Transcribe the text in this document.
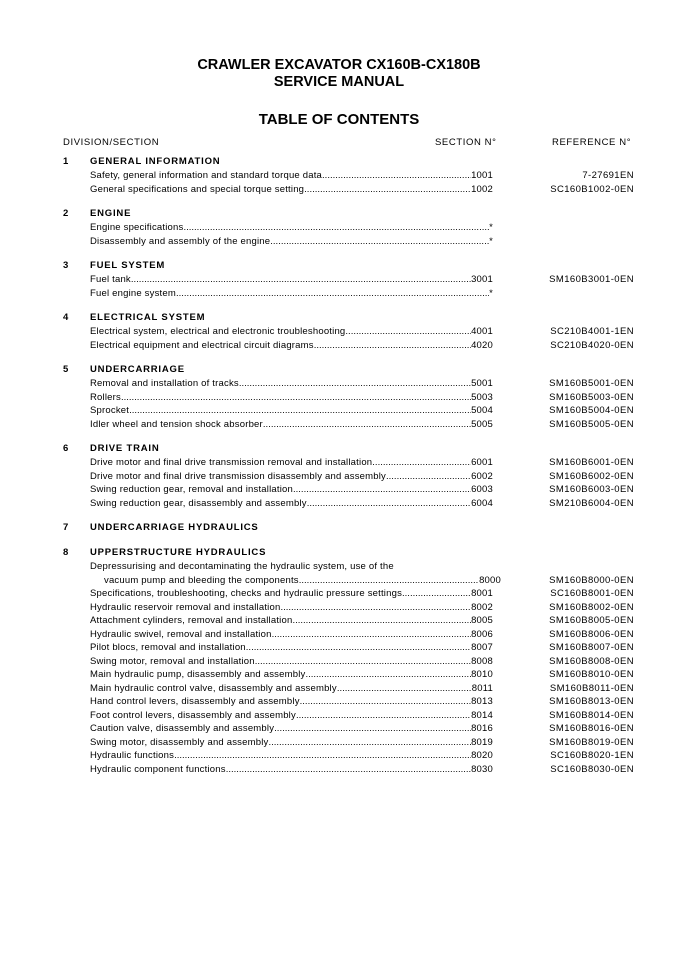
CRAWLER EXCAVATOR CX160B-CX180B
SERVICE MANUAL
TABLE OF CONTENTS
DIVISION/SECTION	SECTION N°	REFERENCE N°
1 GENERAL INFORMATION
Safety, general information and standard torque data .....	1001	7-27691EN
General specifications and special torque setting .....	1002	SC160B1002-0EN
2 ENGINE
Engine specifications .....	*
Disassembly and assembly of the engine .....	*
3 FUEL SYSTEM
Fuel tank .....	3001	SM160B3001-0EN
Fuel engine system .....	*
4 ELECTRICAL SYSTEM
Electrical system, electrical and electronic troubleshooting .....	4001	SC210B4001-1EN
Electrical equipment and electrical circuit diagrams .....	4020	SC210B4020-0EN
5 UNDERCARRIAGE
Removal and installation of tracks .....	5001	SM160B5001-0EN
Rollers .....	5003	SM160B5003-0EN
Sprocket .....	5004	SM160B5004-0EN
Idler wheel and tension shock absorber .....	5005	SM160B5005-0EN
6 DRIVE TRAIN
Drive motor and final drive transmission removal and installation .....	6001	SM160B6001-0EN
Drive motor and final drive transmission disassembly and assembly .....	6002	SM160B6002-0EN
Swing reduction gear, removal and installation .....	6003	SM160B6003-0EN
Swing reduction gear, disassembly and assembly .....	6004	SM210B6004-0EN
7 UNDERCARRIAGE HYDRAULICS
8 UPPERSTRUCTURE HYDRAULICS
Depressurising and decontaminating the hydraulic system, use of the
vacuum pump and bleeding the components .....	8000	SM160B8000-0EN
Specifications, troubleshooting, checks and hydraulic pressure settings .....	8001	SC160B8001-0EN
Hydraulic reservoir removal and installation .....	8002	SM160B8002-0EN
Attachment cylinders, removal and installation .....	8005	SM160B8005-0EN
Hydraulic swivel, removal and installation .....	8006	SM160B8006-0EN
Pilot blocs, removal and installation .....	8007	SM160B8007-0EN
Swing motor, removal and installation .....	8008	SM160B8008-0EN
Main hydraulic pump, disassembly and assembly .....	8010	SM160B8010-0EN
Main hydraulic control valve, disassembly and assembly .....	8011	SM160B8011-0EN
Hand control levers, disassembly and assembly .....	8013	SM160B8013-0EN
Foot control levers, disassembly and assembly .....	8014	SM160B8014-0EN
Caution valve, disassembly and assembly .....	8016	SM160B8016-0EN
Swing motor, disassembly and assembly .....	8019	SM160B8019-0EN
Hydraulic functions .....	8020	SC160B8020-1EN
Hydraulic component functions .....	8030	SC160B8030-0EN
